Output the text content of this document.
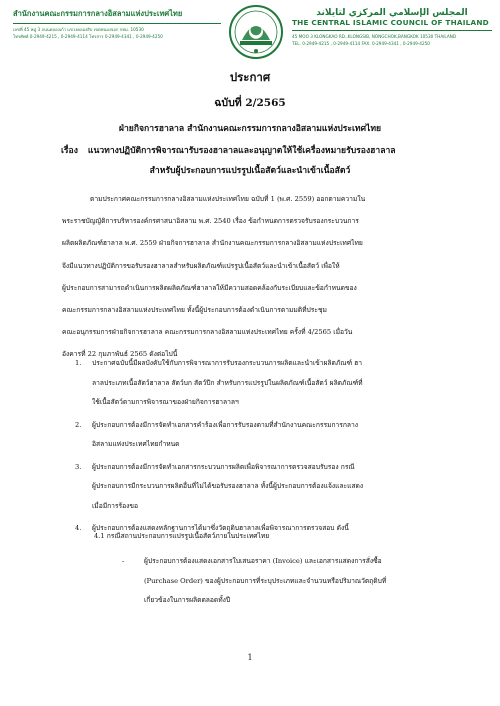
สำนักงานคณะกรรมการกลางอิสลามแห่งประเทศไทย
เลขที่ 45 หมู่ 3 ถนนคลองเก้า แขวงคลองสิบ เขตหนองจอก กทม. 10530
โทรศัพท์ 0-2949-4215 , 0-2949-4114 โทรสาร 0-2949-4341 , 0-2949-4250
المجلس الإسلامي المركزي لتايلاند
THE CENTRAL ISLAMIC COUNCIL OF THAILAND
45 MOO 3 KLONGKAO RD.,KLONGSIB, NONGCHOK,BANGKOK 10530 THAILAND
TEL. 0-2949-4215 , 0-2949-4114 FAX. 0-2949-4341 , 0-2949-4250
ประกาศ
ฉบับที่ 2/2565
ฝ่ายกิจการฮาลาล สำนักงานคณะกรรมการกลางอิสลามแห่งประเทศไทย
เรื่อง แนวทางปฏิบัติการพิจารณารับรองฮาลาลและอนุญาตให้ใช้เครื่องหมายรับรองฮาลาล
สำหรับผู้ประกอบการแปรรูปเนื้อสัตว์และนำเข้าเนื้อสัตว์
ตามประกาศคณะกรรมการกลางอิสลามแห่งประเทศไทย ฉบับที่ 1 (พ.ศ. 2559) ออกตามความใน
พระราชบัญญัติการบริหารองค์กรศาสนาอิสลาม พ.ศ. 2540 เรื่อง ข้อกำหนดการตรวจรับรองกระบวนการ
ผลิตผลิตภัณฑ์ฮาลาล พ.ศ. 2559 ฝ่ายกิจการฮาลาล สำนักงานคณะกรรมการกลางอิสลามแห่งประเทศไทย
จึงมีแนวทางปฏิบัติการขอรับรองฮาลาลสำหรับผลิตภัณฑ์แปรรูปเนื้อสัตว์และนำเข้าเนื้อสัตว์ เพื่อให้
ผู้ประกอบการสามารถดำเนินการผลิตผลิตภัณฑ์ฮาลาลให้มีความสอดคล้องกับระเบียบและข้อกำหนดของ
คณะกรรมการกลางอิสลามแห่งประเทศไทย ทั้งนี้ผู้ประกอบการต้องดำเนินการตามมติที่ประชุม
คณะอนุกรรมการฝ่ายกิจการฮาลาล คณะกรรมการกลางอิสลามแห่งประเทศไทย ครั้งที่ 4/2565 เมื่อวัน
อังคารที่ 22 กุมภาพันธ์ 2565 ดังต่อไปนี้
1. ประกาศฉบับนี้มีผลบังคับใช้กับการพิจารณาการรับรองกระบวนการผลิตและนำเข้าผลิตภัณฑ์ ฮา
ลาลประเภทเนื้อสัตว์ฮาลาล สัตว์บก สัตว์ปีก สำหรับการแปรรูปในผลิตภัณฑ์เนื้อสัตว์ ผลิตภัณฑ์ที่
ใช้เนื้อสัตว์ตามการพิจารณาของฝ่ายกิจการฮาลาลฯ
2. ผู้ประกอบการต้องมีการจัดทำเอกสารคำร้องเพื่อการรับรองตามที่สำนักงานคณะกรรมการกลาง
อิสลามแห่งประเทศไทยกำหนด
3. ผู้ประกอบการต้องมีการจัดทำเอกสารกระบวนการผลิตเพื่อพิจารณาการตรวจสอบรับรอง กรณี
ผู้ประกอบการมีกระบวนการผลิตอื่นที่ไม่ได้ขอรับรองฮาลาล ทั้งนี้ผู้ประกอบการต้องแจ้งและแสดง
เมื่อมีการร้องขอ
4. ผู้ประกอบการต้องแสดงหลักฐานการได้มาซึ่งวัตถุดิบฮาลาลเพื่อพิจารณาการตรวจสอบ ดังนี้
4.1 กรณีสถานประกอบการแปรรูปเนื้อสัตว์ภายในประเทศไทย
-	ผู้ประกอบการต้องแสดงเอกสารใบเสนอราคา (Invoice) และเอกสารแสดงการสั่งซื้อ
(Purchase Order) ของผู้ประกอบการที่ระบุประเภทและจำนวนหรือปริมาณวัตถุดิบที่
เกี่ยวข้องในการผลิตตลอดทั้งปี
1
